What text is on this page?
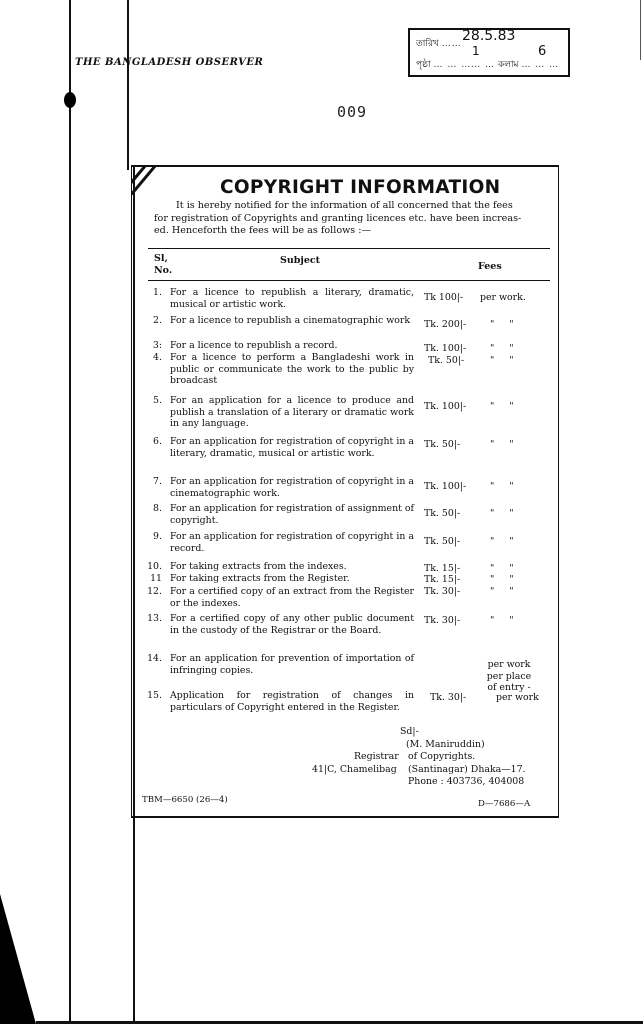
THE BANGLADESH OBSERVER
তারিখ …… 28.5.83
পৃষ্ঠা … … …… … কলাম … … …
1	6
009
COPYRIGHT INFORMATION
It is hereby notified for the information of all concerned that the fees
for registration of Copyrights and granting licences etc. have been increas-
ed. Henceforth the fees will be as follows :—
Sl,
No.
Subject
Fees
1. For a licence to republish a literary, dramatic, musical or artistic work.
Tk 100|- per work.
2. For a licence to republish a cinematographic work	Tk. 200|-	"     "
3: For a licence to republish a record.	Tk. 100|-	"     "
4. For a licence to perform a Bangladeshi work in public or communicate the work to the public by broadcast
Tk. 50|-	"     "
5. For an application for a licence to produce and publish a translation of a literary or dramatic work in any language.
Tk. 100|-	"     "
6. For an application for registration of copyright in a literary, dramatic, musical or artistic work.
Tk. 50|-	"     "
7. For an application for registration of copyright in a cinematographic work.
Tk. 100|-	"     "
8. For an application for registration of assignment of copyright.
Tk. 50|-	"     "
9. For an application for registration of copyright in a record.
Tk. 50|-	"     "
10. For taking extracts from the indexes.	Tk. 15|-	"     "
11 For taking extracts from the Register.	Tk. 15|-	"     "
12. For a certified copy of an extract from the Register or the indexes.
Tk. 30|-	"     "
13. For a certified copy of any other public document in the custody of the Registrar or the Board.
Tk. 30|-	"     "
14. For an application for prevention of importation of infringing copies.	per work
per place
of entry -
15. Application for registration of changes in particulars of Copyright entered in the Register.
Tk. 30|-	per work
Sd|-
(M. Maniruddin)
Registrar of Copyrights.
41|C, Chamelibag (Santinagar) Dhaka—17.
Phone : 403736, 404008
TBM—6650 (26—4)	D—7686—A
